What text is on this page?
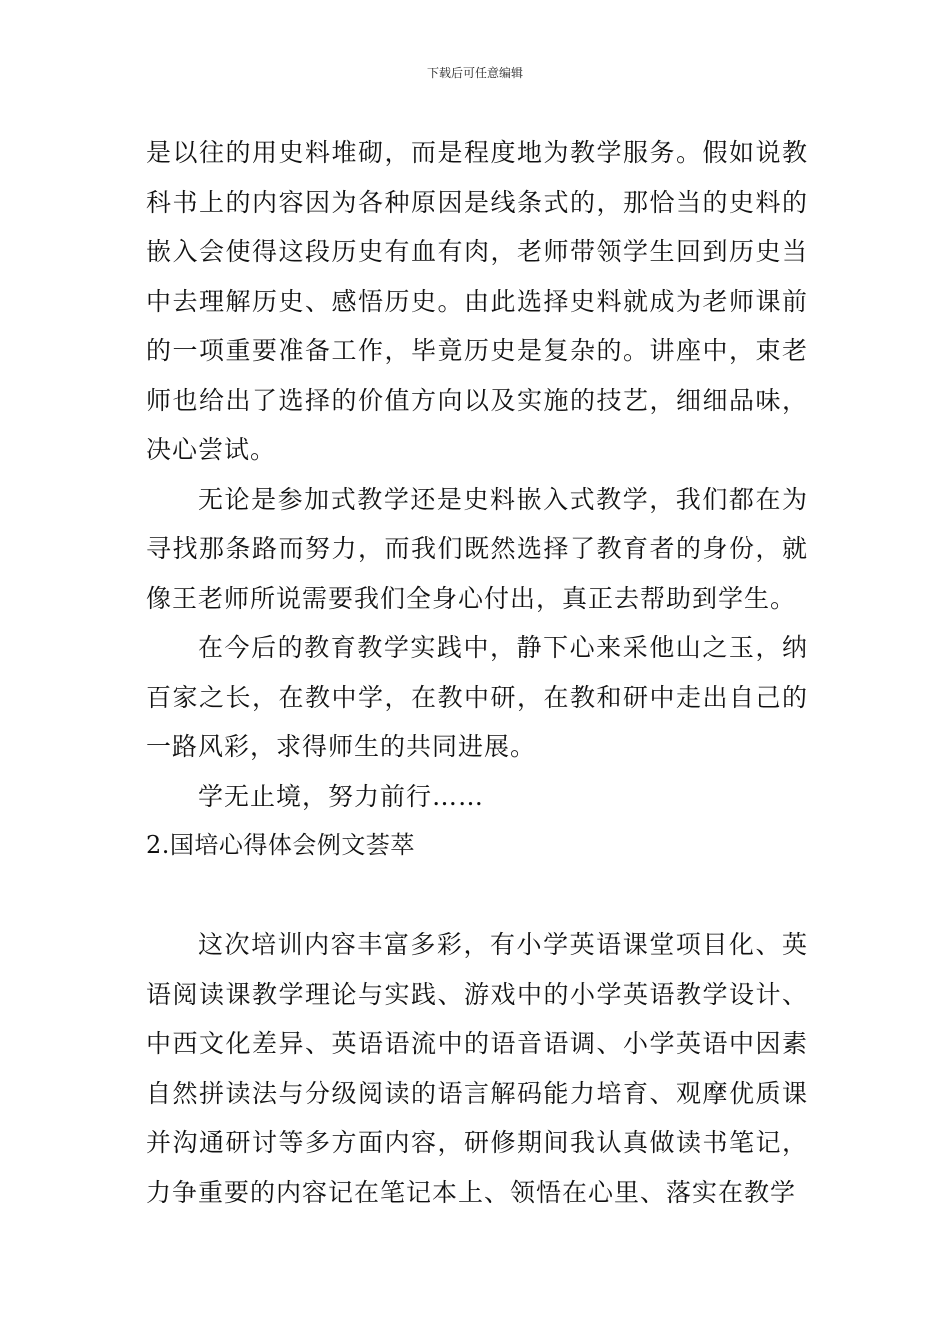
下载后可任意编辑

是以往的用史料堆砌，而是程度地为教学服务。假如说教科书上的内容因为各种原因是线条式的，那恰当的史料的嵌入会使得这段历史有血有肉，老师带领学生回到历史当中去理解历史、感悟历史。由此选择史料就成为老师课前的一项重要准备工作，毕竟历史是复杂的。讲座中，束老师也给出了选择的价值方向以及实施的技艺，细细品味，决心尝试。

无论是参加式教学还是史料嵌入式教学，我们都在为寻找那条路而努力，而我们既然选择了教育者的身份，就像王老师所说需要我们全身心付出，真正去帮助到学生。

在今后的教育教学实践中，静下心来采他山之玉，纳百家之长，在教中学，在教中研，在教和研中走出自己的一路风彩，求得师生的共同进展。

学无止境，努力前行……

2.国培心得体会例文荟萃

这次培训内容丰富多彩，有小学英语课堂项目化、英语阅读课教学理论与实践、游戏中的小学英语教学设计、中西文化差异、英语语流中的语音语调、小学英语中因素自然拼读法与分级阅读的语言解码能力培育、观摩优质课并沟通研讨等多方面内容，研修期间我认真做读书笔记，力争重要的内容记在笔记本上、领悟在心里、落实在教学
